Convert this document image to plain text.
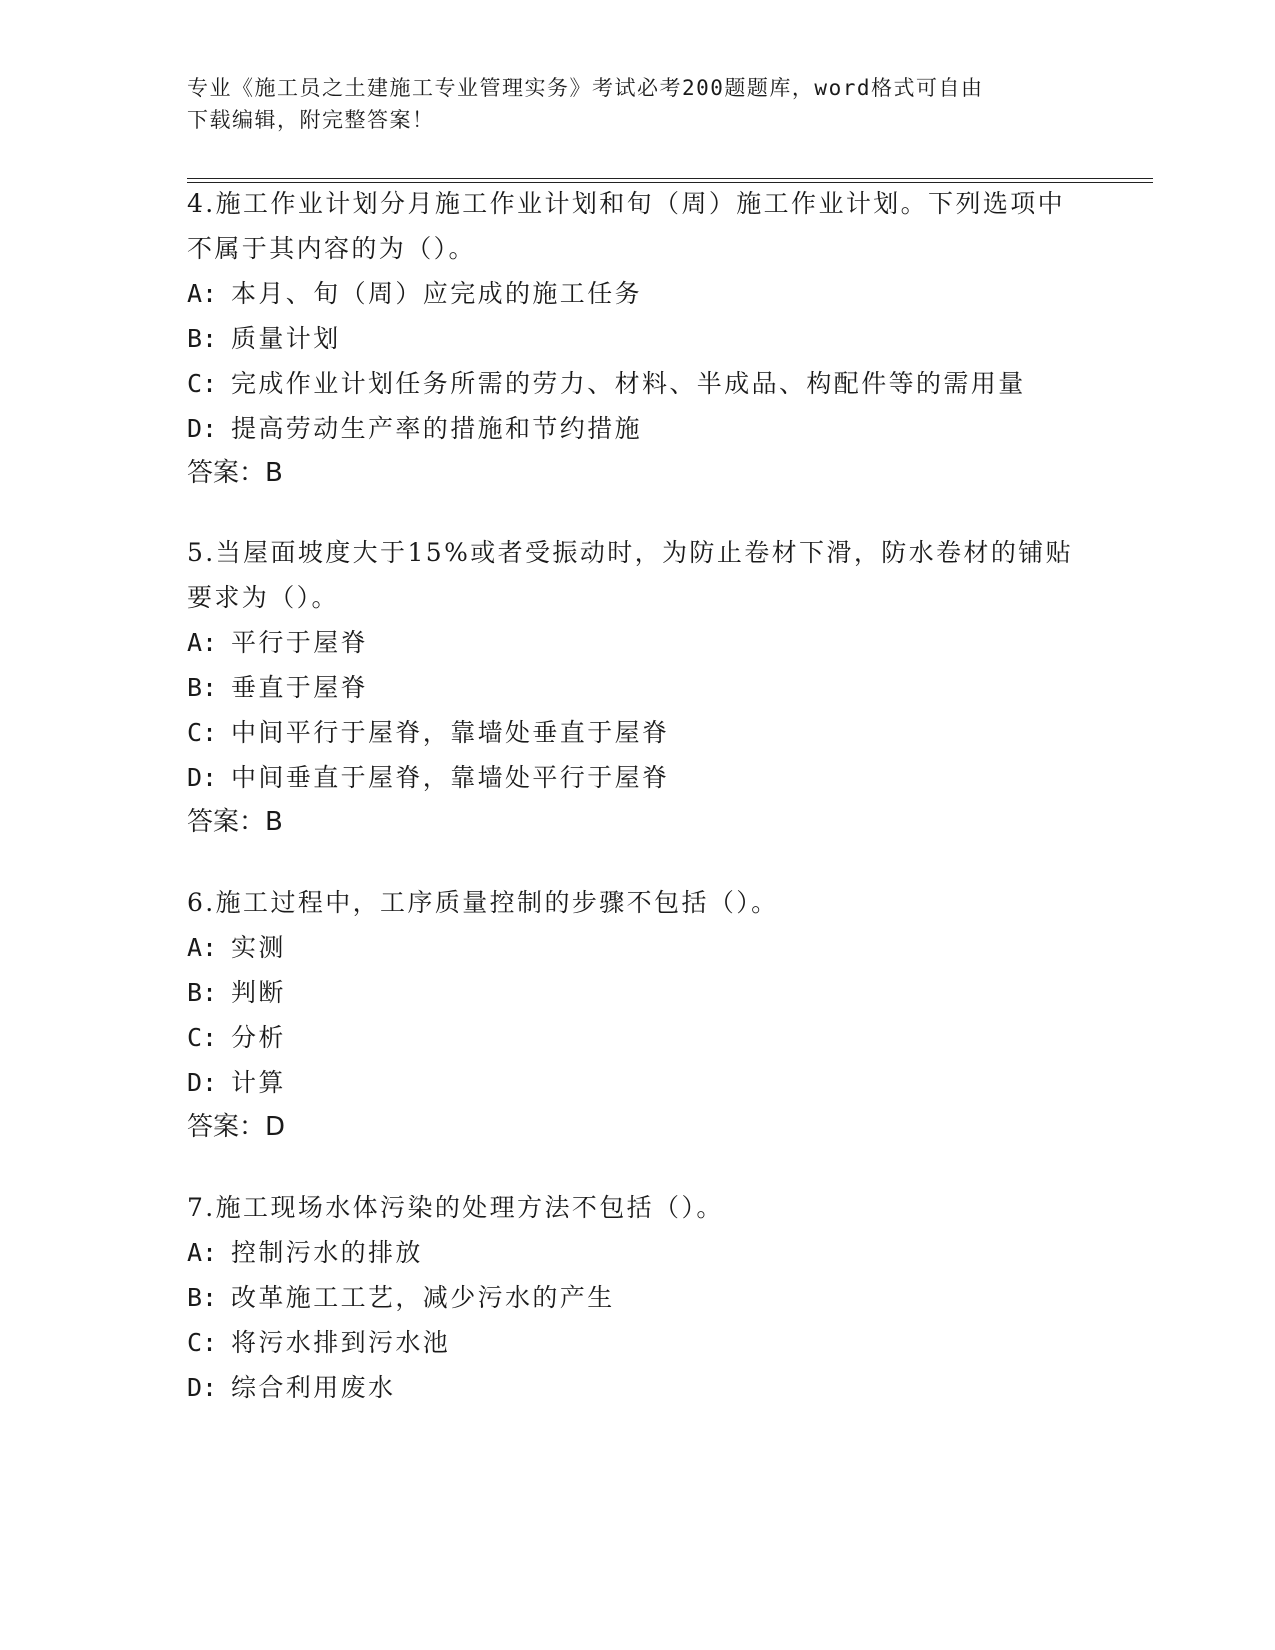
专业《施工员之土建施工专业管理实务》考试必考200题题库，word格式可自由
下载编辑，附完整答案！
4.施工作业计划分月施工作业计划和旬（周）施工作业计划。下列选项中不属于其内容的为（）。
A: 本月、旬（周）应完成的施工任务
B: 质量计划
C: 完成作业计划任务所需的劳力、材料、半成品、构配件等的需用量
D: 提高劳动生产率的措施和节约措施
答案：B
5.当屋面坡度大于15%或者受振动时，为防止卷材下滑，防水卷材的铺贴要求为（）。
A: 平行于屋脊
B: 垂直于屋脊
C: 中间平行于屋脊，靠墙处垂直于屋脊
D: 中间垂直于屋脊，靠墙处平行于屋脊
答案：B
6.施工过程中，工序质量控制的步骤不包括（）。
A: 实测
B: 判断
C: 分析
D: 计算
答案：D
7.施工现场水体污染的处理方法不包括（）。
A: 控制污水的排放
B: 改革施工工艺，减少污水的产生
C: 将污水排到污水池
D: 综合利用废水
